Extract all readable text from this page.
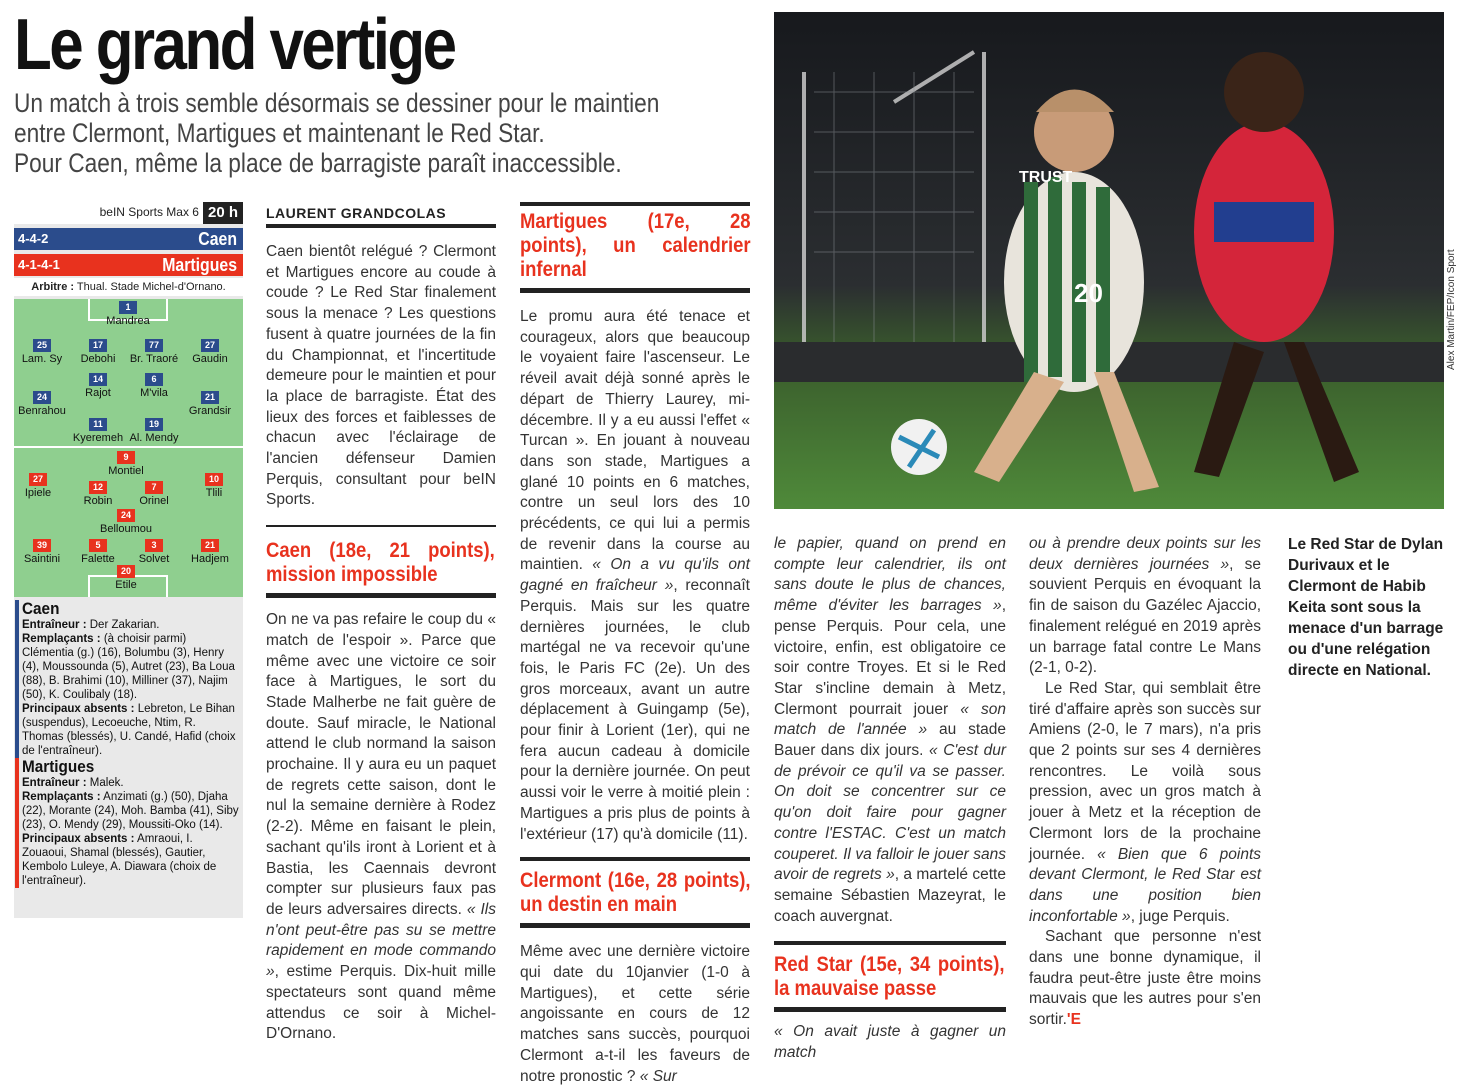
Le grand vertige
Un match à trois semble désormais se dessiner pour le maintien
entre Clermont, Martigues et maintenant le Red Star.
Pour Caen, même la place de barragiste paraît inaccessible.
beIN Sports Max 6 20 h
4-4-2	Caen
4-1-4-1	Martigues
Arbitre : Thual. Stade Michel-d'Ornano.
1
Mandrea
25
Lam. Sy
17
Debohi
77
Br. Traoré
27
Gaudin
14
Rajot
6
M'vila
24
Benrahou
21
Grandsir
11
Kyeremeh
19
Al. Mendy
9
Montiel
27
Ipiele	12
Robin
7
Orinel
10
Tlili
24
Belloumou
39
Saintini
5
Falette
3
Solvet
21
Hadjem
20
Etile
Caen
Entraîneur : Der Zakarian.
Remplaçants : (à choisir parmi) Clémentia (g.) (16), Bolumbu (3), Henry (4), Moussounda (5), Autret (23), Ba Loua (88), B. Brahimi (10), Milliner (37), Najim (50), K. Coulibaly (18).
Principaux absents : Lebreton, Le Bihan (suspendus), Lecoeuche, Ntim, R. Thomas (blessés), U. Candé, Hafid (choix de l'entraîneur).
Martigues
Entraîneur : Malek.
Remplaçants : Anzimati (g.) (50), Djaha (22), Morante (24), Moh. Bamba (41), Siby (23), O. Mendy (29), Moussiti-Oko (14).
Principaux absents : Amraoui, I. Zouaoui, Shamal (blessés), Gautier, Kembolo Luleye, A. Diawara (choix de l'entraîneur).
LAURENT GRANDCOLAS

Caen bientôt relégué ? Clermont et Martigues encore au coude à coude ? Le Red Star finalement sous la menace ? Les questions fusent à quatre journées de la fin du Championnat, et l'incertitude demeure pour le maintien et pour la place de barragiste. État des lieux des forces et faiblesses de chacun avec l'éclairage de l'ancien défenseur Damien Perquis, consultant pour beIN Sports.

Caen (18e, 21 points), mission impossible

On ne va pas refaire le coup du « match de l'espoir ». Parce que même avec une victoire ce soir face à Martigues, le sort du Stade Malherbe ne fait guère de doute. Sauf miracle, le National attend le club normand la saison prochaine. Il y aura eu un paquet de regrets cette saison, dont le nul la semaine dernière à Rodez (2-2). Même en faisant le plein, sachant qu'ils iront à Lorient et à Bastia, les Caennais devront compter sur plusieurs faux pas de leurs adversaires directs. « Ils n'ont peut-être pas su se mettre rapidement en mode commando », estime Perquis. Dix-huit mille spectateurs sont quand même attendus ce soir à Michel-D'Ornano.

Martigues (17e, 28 points), un calendrier infernal

Le promu aura été tenace et courageux, alors que beaucoup le voyaient faire l'ascenseur. Le réveil avait déjà sonné après le départ de Thierry Laurey, mi-décembre. Il y a eu aussi l'effet « Turcan ». En jouant à nouveau dans son stade, Martigues a glané 10 points en 6 matches, contre un seul lors des 10 précédents, ce qui lui a permis de revenir dans la course au maintien. « On a vu qu'ils ont gagné en fraîcheur », reconnaît Perquis. Mais sur les quatre dernières journées, le club martégal ne va recevoir qu'une fois, le Paris FC (2e). Un des gros morceaux, avant un autre déplacement à Guingamp (5e), pour finir à Lorient (1er), qui ne fera aucun cadeau à domicile pour la dernière journée. On peut aussi voir le verre à moitié plein : Martigues a pris plus de points à l'extérieur (17) qu'à domicile (11).

Clermont (16e, 28 points), un destin en main

Même avec une dernière victoire qui date du 10janvier (1-0 à Martigues), et cette série angoissante en cours de 12 matches sans succès, pourquoi Clermont a-t-il les faveurs de notre pronostic ? « Sur

TRUST
20	Alex Martin/FEP/Icon Sport

le papier, quand on prend en compte leur calendrier, ils ont sans doute le plus de chances, même d'éviter les barrages », pense Perquis. Pour cela, une victoire, enfin, est obligatoire ce soir contre Troyes. Et si le Red Star s'incline demain à Metz, Clermont pourrait jouer « son match de l'année » au stade Bauer dans dix jours. « C'est dur de prévoir ce qu'il va se passer. On doit se concentrer sur ce qu'on doit faire pour gagner contre l'ESTAC. C'est un match couperet. Il va falloir le jouer sans avoir de regrets », a martelé cette semaine Sébastien Mazeyrat, le coach auvergnat.

Red Star (15e, 34 points), la mauvaise passe

« On avait juste à gagner un match

ou à prendre deux points sur les deux dernières journées », se souvient Perquis en évoquant la fin de saison du Gazélec Ajaccio, finalement relégué en 2019 après un barrage fatal contre Le Mans (2-1, 0-2).

Le Red Star, qui semblait être tiré d'affaire après son succès sur Amiens (2-0, le 7 mars), n'a pris que 2 points sur ses 4 dernières rencontres. Le voilà sous pression, avec un gros match à jouer à Metz et la réception de Clermont lors de la prochaine journée. « Bien que 6 points devant Clermont, le Red Star est dans une position bien inconfortable », juge Perquis.

Sachant que personne n'est dans une bonne dynamique, il faudra peut-être juste être moins mauvais que les autres pour s'en sortir.'E

Le Red Star de Dylan Durivaux et le Clermont de Habib Keita sont sous la menace d'un barrage ou d'une relégation directe en National.
